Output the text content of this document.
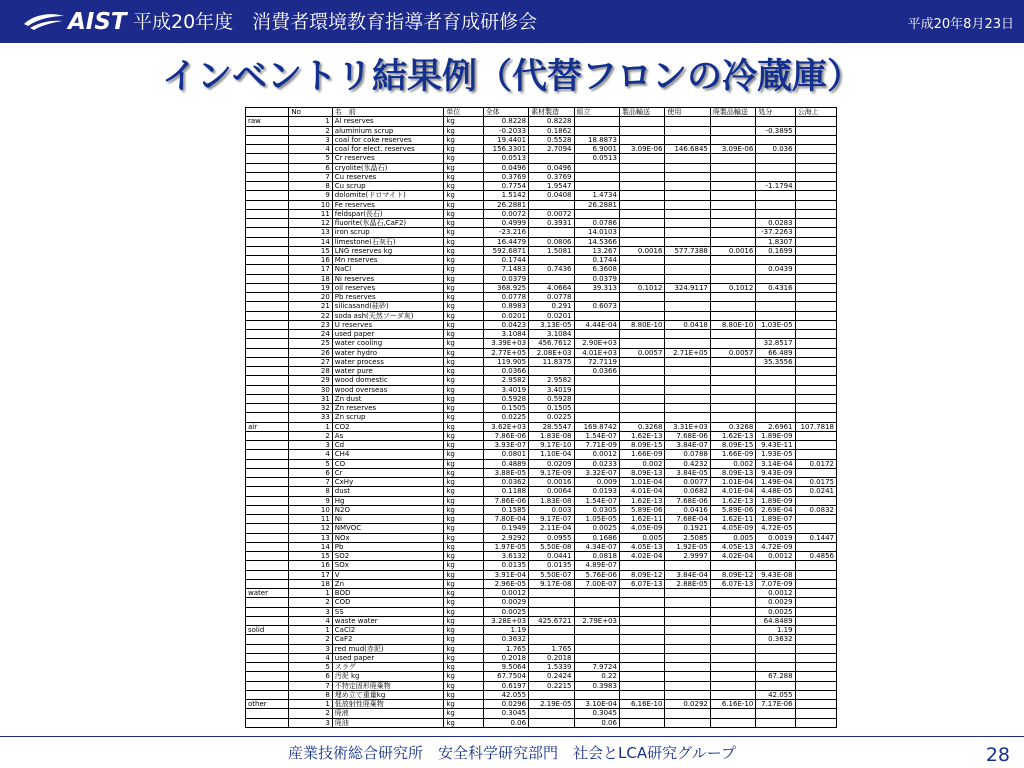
AIST 平成20年度　消費者環境教育指導者育成研修会	平成20年8月23日
インベントリ結果例（代替フロンの冷蔵庫）
	No	名　前	単位	全体	素材製造	組立	製品輸送	使用	廃製品輸送	処分	公海上
raw	1	Al reserves	kg	0.8228	0.8228						
	2	aluminium scrup	kg	-0.2033	0.1862					-0.3895	
	3	coal for coke reserves	kg	19.4401	0.5528	18.8873					
	4	coal for elect. reserves	kg	156.3301	2.7094	6.9001	3.09E-06	146.6845	3.09E-06	0.036	
	5	Cr reserves	kg	0.0513		0.0513					
	6	cryolite(氷晶石)	kg	0.0496	0.0496						
	7	Cu reserves	kg	0.3769	0.3769						
	8	Cu scrup	kg	0.7754	1.9547					-1.1794	
	9	dolomite(ドロマイト)	kg	1.5142	0.0408	1.4734					
	10	Fe reserves	kg	26.2881		26.2881					
	11	feldspar(長石)	kg	0.0072	0.0072						
	12	fluorite(氷晶石,CaF2)	kg	0.4999	0.3931	0.0786				0.0283	
	13	iron scrup	kg	-23.216		14.0103				-37.2263	
	14	limestone(石灰石)	kg	16.4479	0.0806	14.5366				1.8307	
	15	LNG reserves kg	kg	592.6871	1.5081	13.267	0.0016	577.7388	0.0016	0.1699	
	16	Mn reserves	kg	0.1744		0.1744					
	17	NaCl	kg	7.1483	0.7436	6.3608				0.0439	
	18	Ni reserves	kg	0.0379		0.0379					
	19	oil reserves	kg	368.925	4.0664	39.313	0.1012	324.9117	0.1012	0.4316	
	20	Pb reserves	kg	0.0778	0.0778						
	21	silicasand(硅砂)	kg	0.8983	0.291	0.6073					
	22	soda ash(天然ソーダ灰)	kg	0.0201	0.0201						
	23	U reserves	kg	0.0423	3.13E-05	4.44E-04	8.80E-10	0.0418	8.80E-10	1.03E-05	
	24	used paper	kg	3.1084	3.1084						
	25	water cooling	kg	3.39E+03	456.7612	2.90E+03				32.8517	
	26	water hydro	kg	2.77E+05	2.08E+03	4.01E+03	0.0057	2.71E+05	0.0057	66.489	
	27	water process	kg	119.905	11.8375	72.7119				35.3556	
	28	water pure	kg	0.0366		0.0366					
	29	wood domestic	kg	2.9582	2.9582						
	30	wood overseas	kg	3.4019	3.4019						
	31	Zn dust	kg	0.5928	0.5928						
	32	Zn reserves	kg	0.1505	0.1505						
	33	Zn scrup	kg	0.0225	0.0225						
air	1	CO2	kg	3.62E+03	28.5547	169.8742	0.3268	3.31E+03	0.3268	2.6961	107.7818
	2	As	kg	7.86E-06	1.83E-08	1.54E-07	1.62E-13	7.68E-06	1.62E-13	1.89E-09	
	3	Cd	kg	3.93E-07	9.17E-10	7.71E-09	8.09E-15	3.84E-07	8.09E-15	9.43E-11	
	4	CH4	kg	0.0801	1.10E-04	0.0012	1.66E-09	0.0788	1.66E-09	1.93E-05	
	5	CO	kg	0.4889	0.0209	0.0233	0.002	0.4232	0.002	3.14E-04	0.0172
	6	Cr	kg	3.88E-05	9.17E-09	3.32E-07	8.09E-13	3.84E-05	8.09E-13	9.43E-09	
	7	CxHy	kg	0.0362	0.0016	0.009	1.01E-04	0.0077	1.01E-04	1.49E-04	0.0175
	8	dust	kg	0.1188	0.0064	0.0193	4.01E-04	0.0682	4.01E-04	4.48E-05	0.0241
	9	Hg	kg	7.86E-06	1.83E-08	1.54E-07	1.62E-13	7.68E-06	1.62E-13	1.89E-09	
	10	N2O	kg	0.1585	0.003	0.0305	5.89E-06	0.0416	5.89E-06	2.69E-04	0.0832
	11	Ni	kg	7.80E-04	9.17E-07	1.05E-05	1.62E-11	7.68E-04	1.62E-11	1.89E-07	
	12	NMVOC	kg	0.1949	2.11E-04	0.0025	4.05E-09	0.1921	4.05E-09	4.72E-05	
	13	NOx	kg	2.9292	0.0955	0.1686	0.005	2.5085	0.005	0.0019	0.1447
	14	Pb	kg	1.97E-05	5.50E-08	4.34E-07	4.05E-13	1.92E-05	4.05E-13	4.72E-09	
	15	SO2	kg	3.6132	0.0441	0.0818	4.02E-04	2.9997	4.02E-04	0.0012	0.4856
	16	SOx	kg	0.0135	0.0135	4.89E-07					
	17	V	kg	3.91E-04	5.50E-07	5.76E-06	8.09E-12	3.84E-04	8.09E-12	9.43E-08	
	18	Zn	kg	2.96E-05	9.17E-08	7.00E-07	6.07E-13	2.88E-05	6.07E-13	7.07E-09	
water	1	BOD	kg	0.0012						0.0012	
	2	COD	kg	0.0029						0.0029	
	3	SS	kg	0.0025						0.0025	
	4	waste water	kg	3.28E+03	425.6721	2.79E+03				64.8489	
solid	1	CaCl2	kg	1.19						1.19	
	2	CaF2	kg	0.3632						0.3632	
	3	red mud(赤泥)	kg	1.765	1.765						
	4	used paper	kg	0.2018	0.2018						
	5	スラグ	kg	9.5064	1.5339	7.9724					
	6	汚泥 kg	kg	67.7504	0.2424	0.22				67.288	
	7	不特定固形廃棄物	kg	0.6197	0.2215	0.3983					
	8	埋め立て重量kg	kg	42.055						42.055	
other	1	低放射性廃棄物	kg	0.0296	2.19E-05	3.10E-04	6.16E-10	0.0292	6.16E-10	7.17E-06	
	2	廃液	kg	0.3045		0.3045					
	3	廃油	kg	0.06		0.06					
産業技術総合研究所　安全科学研究部門　社会とLCA研究グループ	28
